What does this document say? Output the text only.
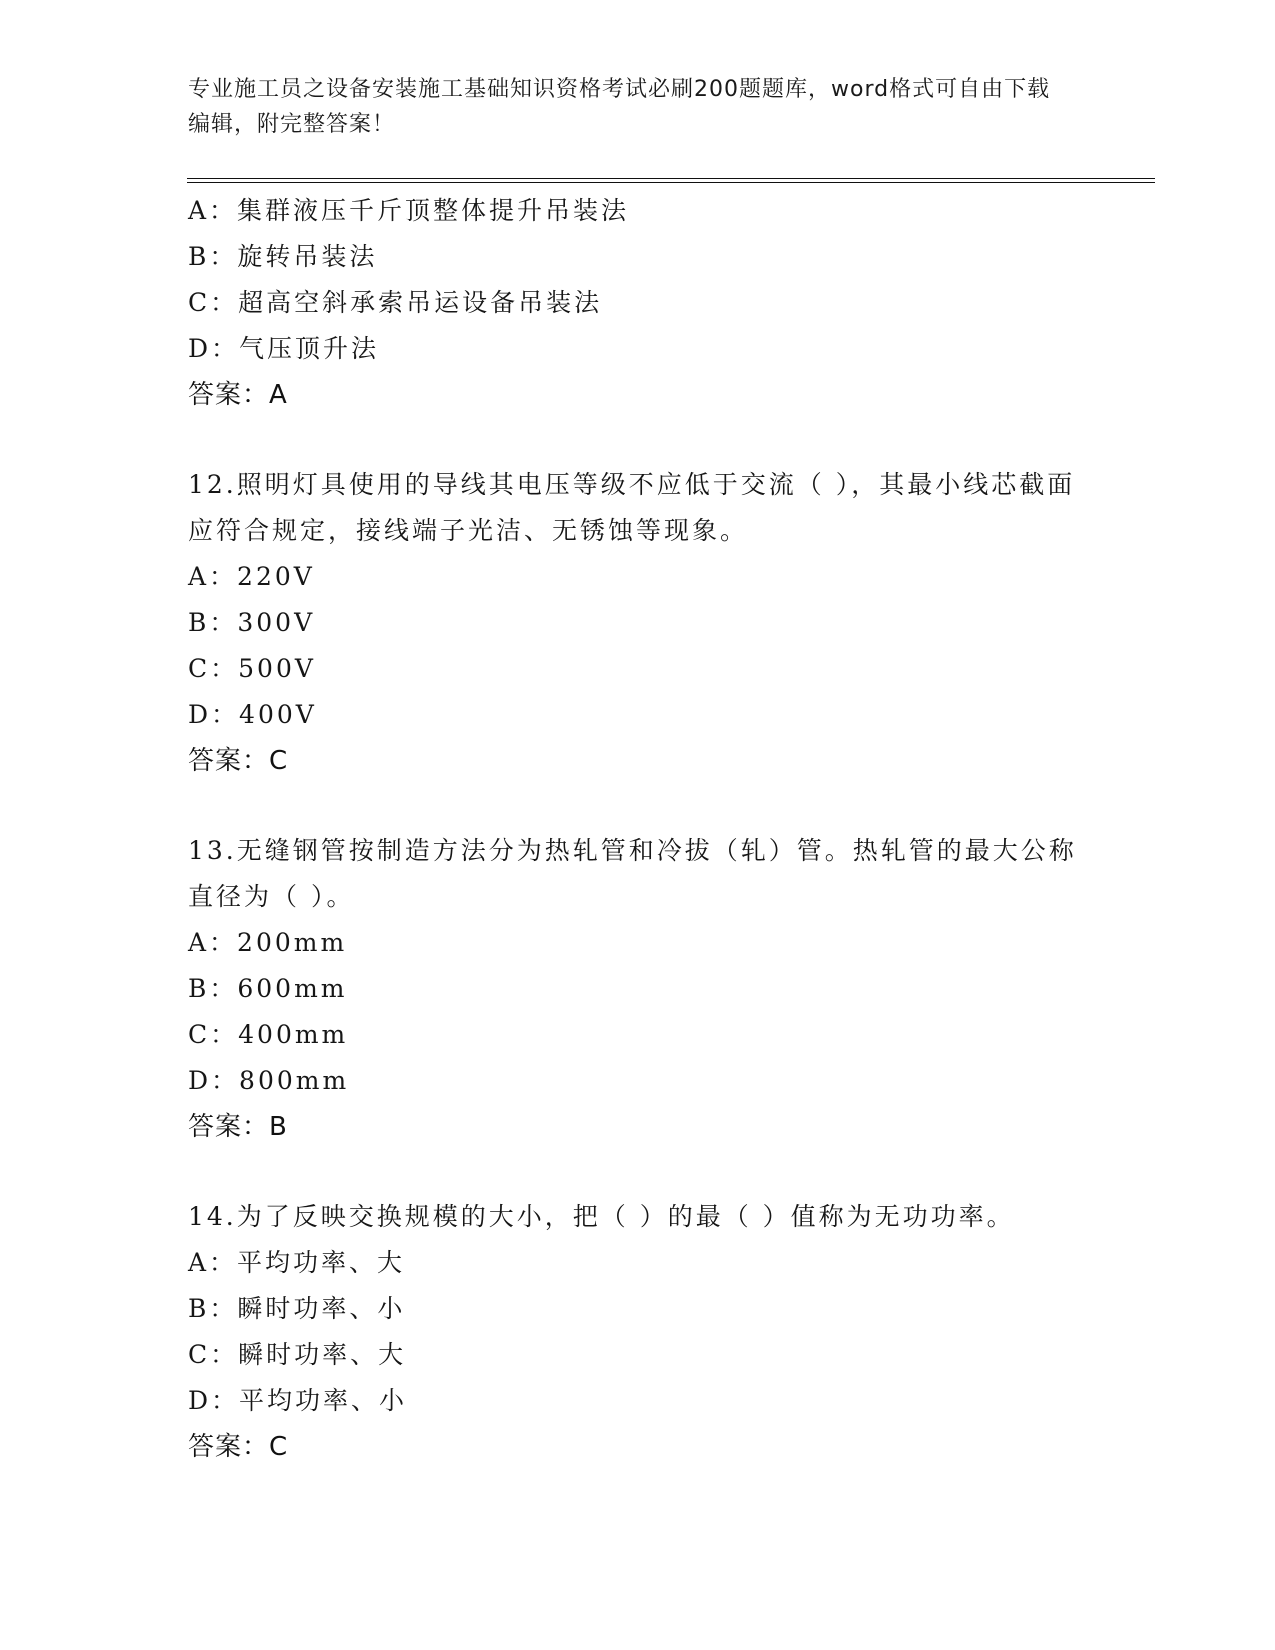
专业施工员之设备安装施工基础知识资格考试必刷200题题库，word格式可自由下载编辑，附完整答案！
A：集群液压千斤顶整体提升吊装法
B：旋转吊装法
C：超高空斜承索吊运设备吊装法
D：气压顶升法
答案：A
12.照明灯具使用的导线其电压等级不应低于交流（ ），其最小线芯截面应符合规定，接线端子光洁、无锈蚀等现象。
A：220V
B：300V
C：500V
D：400V
答案：C
13.无缝钢管按制造方法分为热轧管和冷拔（轧）管。热轧管的最大公称直径为（ ）。
A：200mm
B：600mm
C：400mm
D：800mm
答案：B
14.为了反映交换规模的大小，把（ ）的最（ ）值称为无功功率。
A：平均功率、大
B：瞬时功率、小
C：瞬时功率、大
D：平均功率、小
答案：C
